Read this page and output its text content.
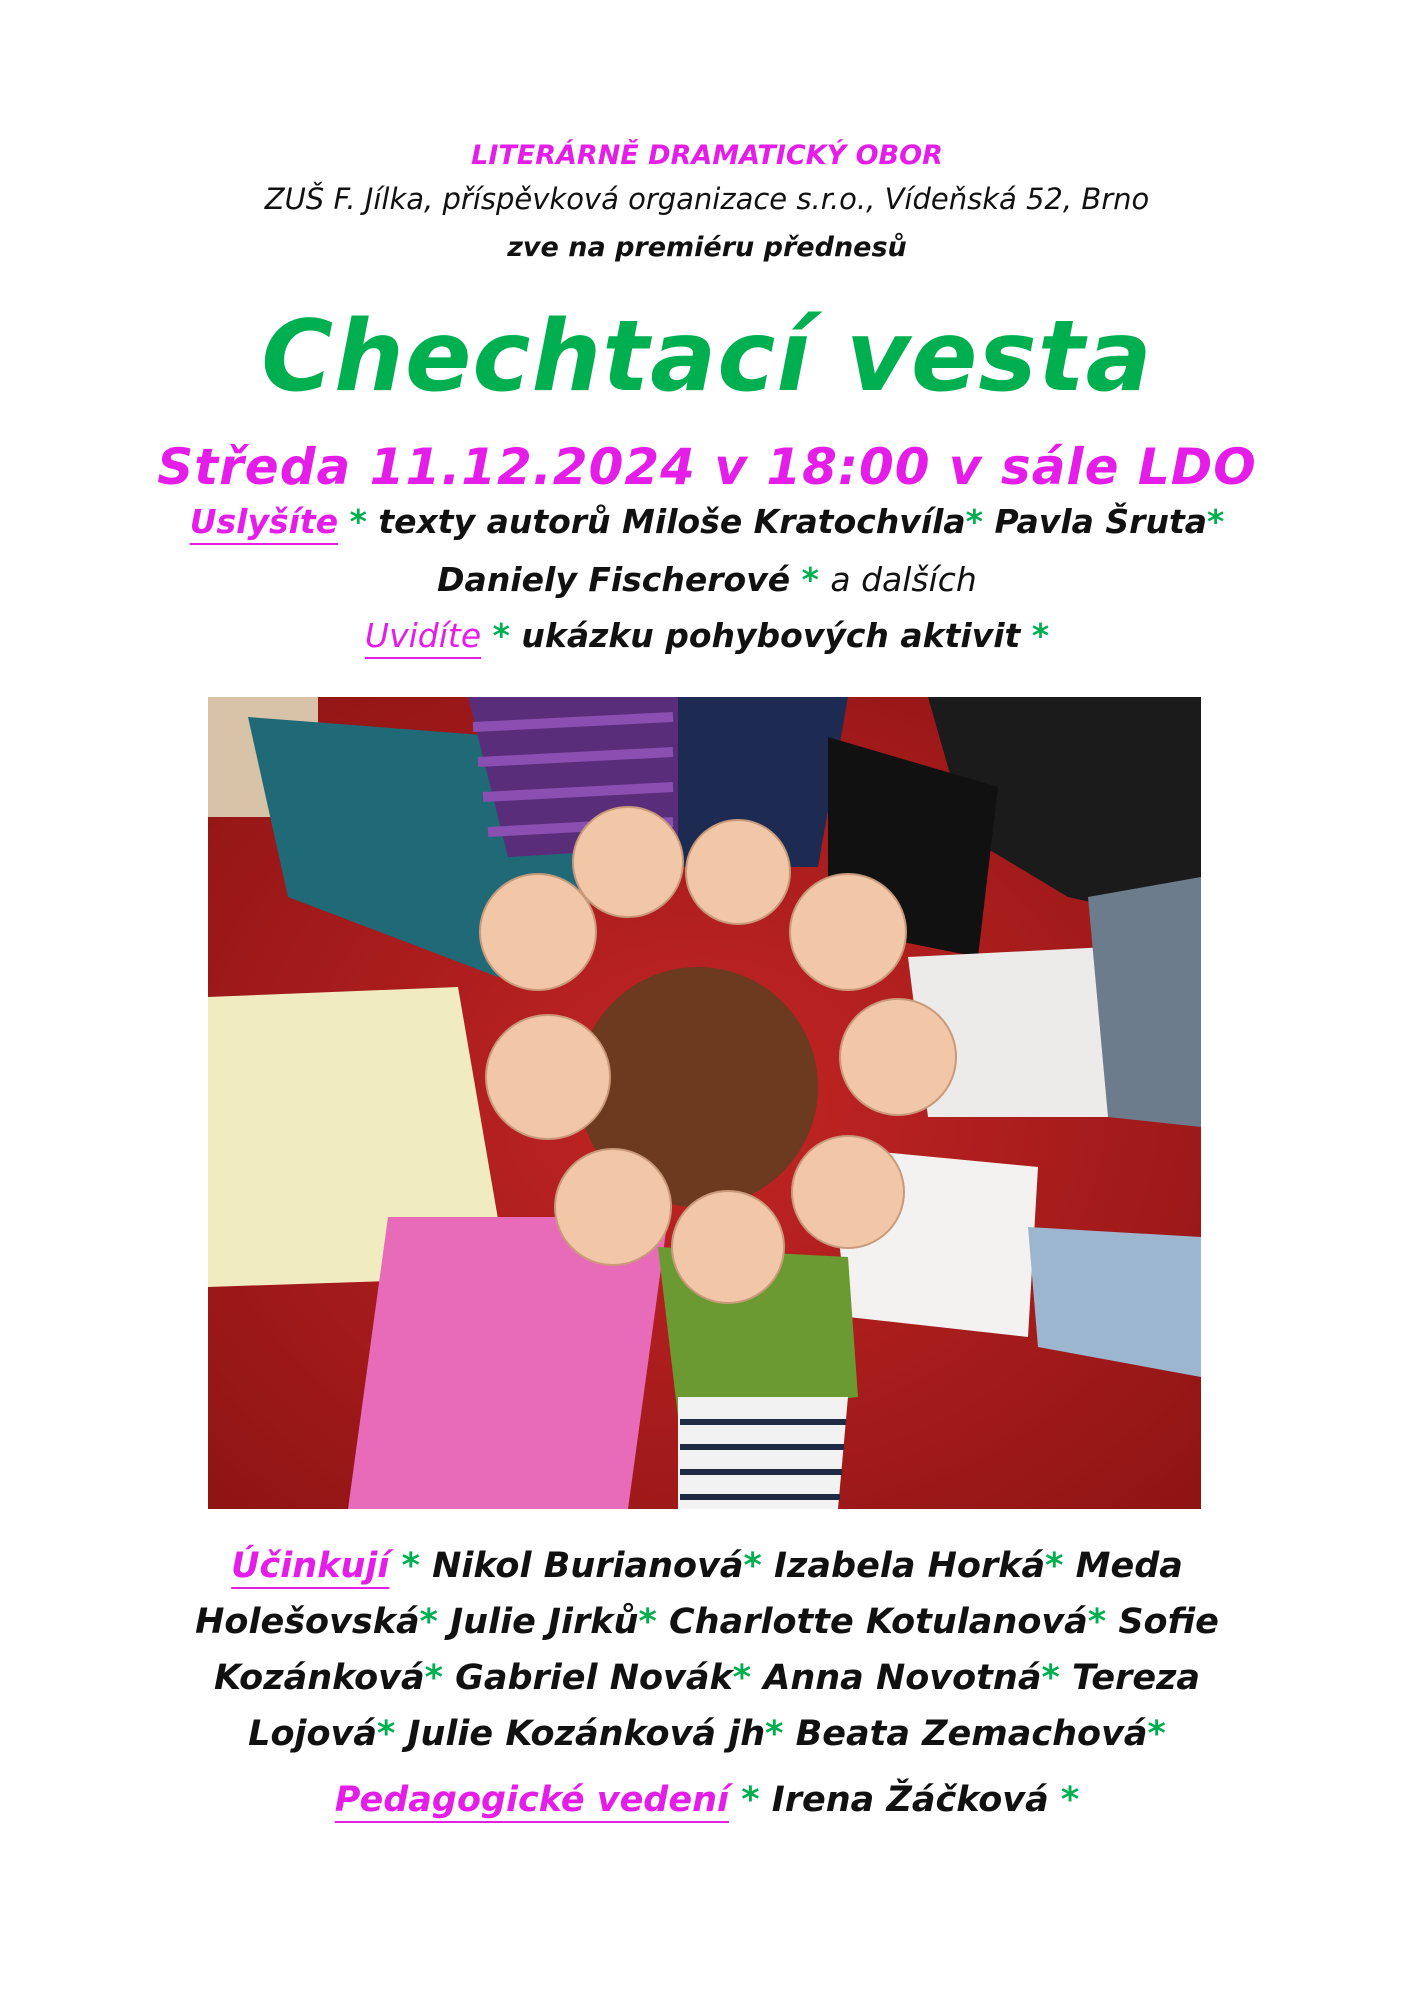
LITERÁRNĚ DRAMATICKÝ OBOR
ZUŠ F. Jílka, příspěvková organizace s.r.o., Vídeňská 52, Brno
zve na premiéru přednesů
Chechtací vesta
Středa 11.12.2024 v 18:00 v sále LDO
Uslyšíte * texty autorů Miloše Kratochvíla* Pavla Šruta*
Daniely Fischerové * a dalších
Uvidíte * ukázku pohybových aktivit *
Účinkují * Nikol Burianová* Izabela Horká* Meda
Holešovská* Julie Jirků* Charlotte Kotulanová* Sofie
Kozánková* Gabriel Novák* Anna Novotná* Tereza
Lojová* Julie Kozánková jh* Beata Zemachová*
Pedagogické vedení * Irena Žáčková *
